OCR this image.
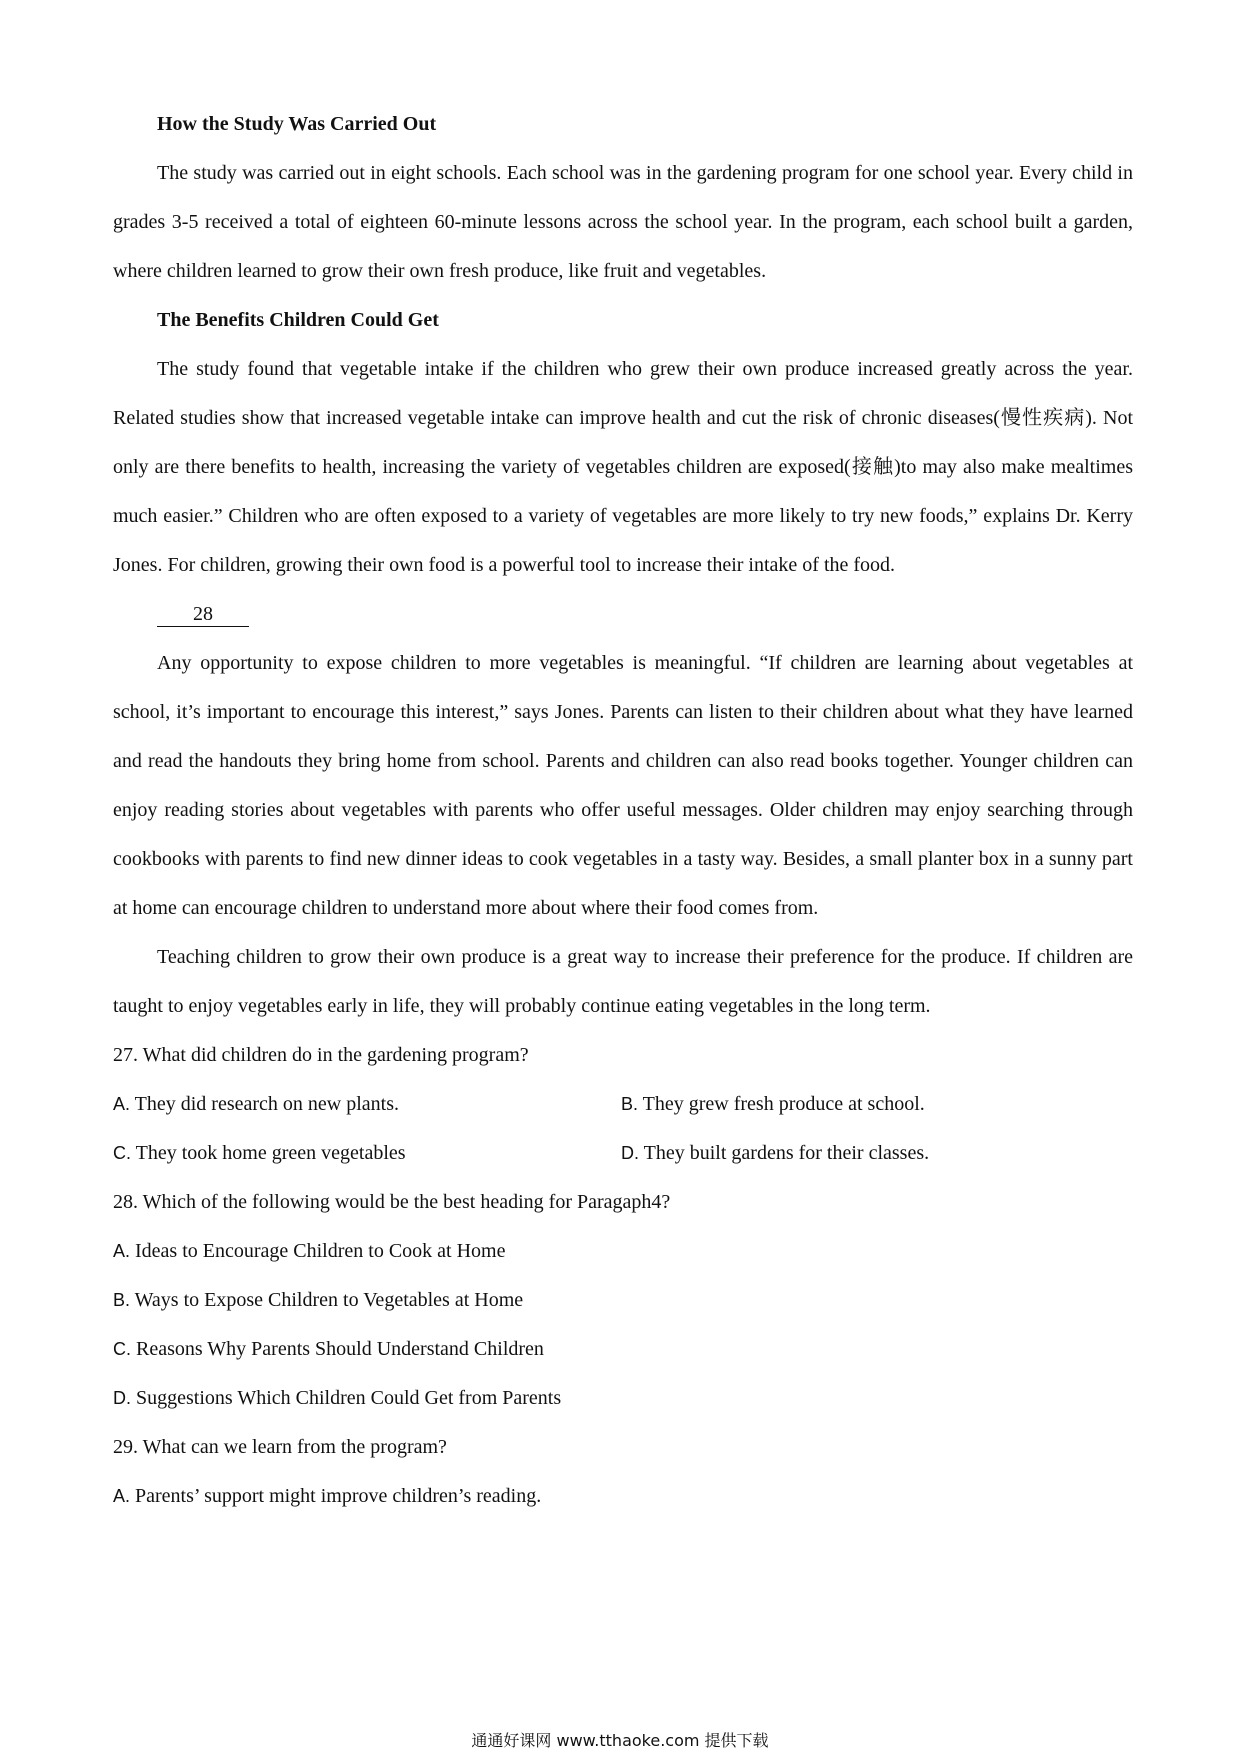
How the Study Was Carried Out

The study was carried out in eight schools. Each school was in the gardening program for one school year. Every child in grades 3-5 received a total of eighteen 60-minute lessons across the school year. In the program, each school built a garden, where children learned to grow their own fresh produce, like fruit and vegetables.

The Benefits Children Could Get

The study found that vegetable intake if the children who grew their own produce increased greatly across the year. Related studies show that increased vegetable intake can improve health and cut the risk of chronic diseases(慢性疾病). Not only are there benefits to health, increasing the variety of vegetables children are exposed(接触)to may also make mealtimes much easier.” Children who are often exposed to a variety of vegetables are more likely to try new foods,” explains Dr. Kerry Jones. For children, growing their own food is a powerful tool to increase their intake of the food.

28

Any opportunity to expose children to more vegetables is meaningful. “If children are learning about vegetables at school, it’s important to encourage this interest,” says Jones. Parents can listen to their children about what they have learned and read the handouts they bring home from school. Parents and children can also read books together. Younger children can enjoy reading stories about vegetables with parents who offer useful messages. Older children may enjoy searching through cookbooks with parents to find new dinner ideas to cook vegetables in a tasty way. Besides, a small planter box in a sunny part at home can encourage children to understand more about where their food comes from.

Teaching children to grow their own produce is a great way to increase their preference for the produce. If children are taught to enjoy vegetables early in life, they will probably continue eating vegetables in the long term.

27. What did children do in the gardening program?

A. They did research on new plants.	B. They grew fresh produce at school.

C. They took home green vegetables	D. They built gardens for their classes.

28. Which of the following would be the best heading for Paragaph4?

A. Ideas to Encourage Children to Cook at Home

B. Ways to Expose Children to Vegetables at Home

C. Reasons Why Parents Should Understand Children

D. Suggestions Which Children Could Get from Parents

29. What can we learn from the program?

A. Parents’ support might improve children’s reading.

通通好课网 www.tthaoke.com 提供下载
